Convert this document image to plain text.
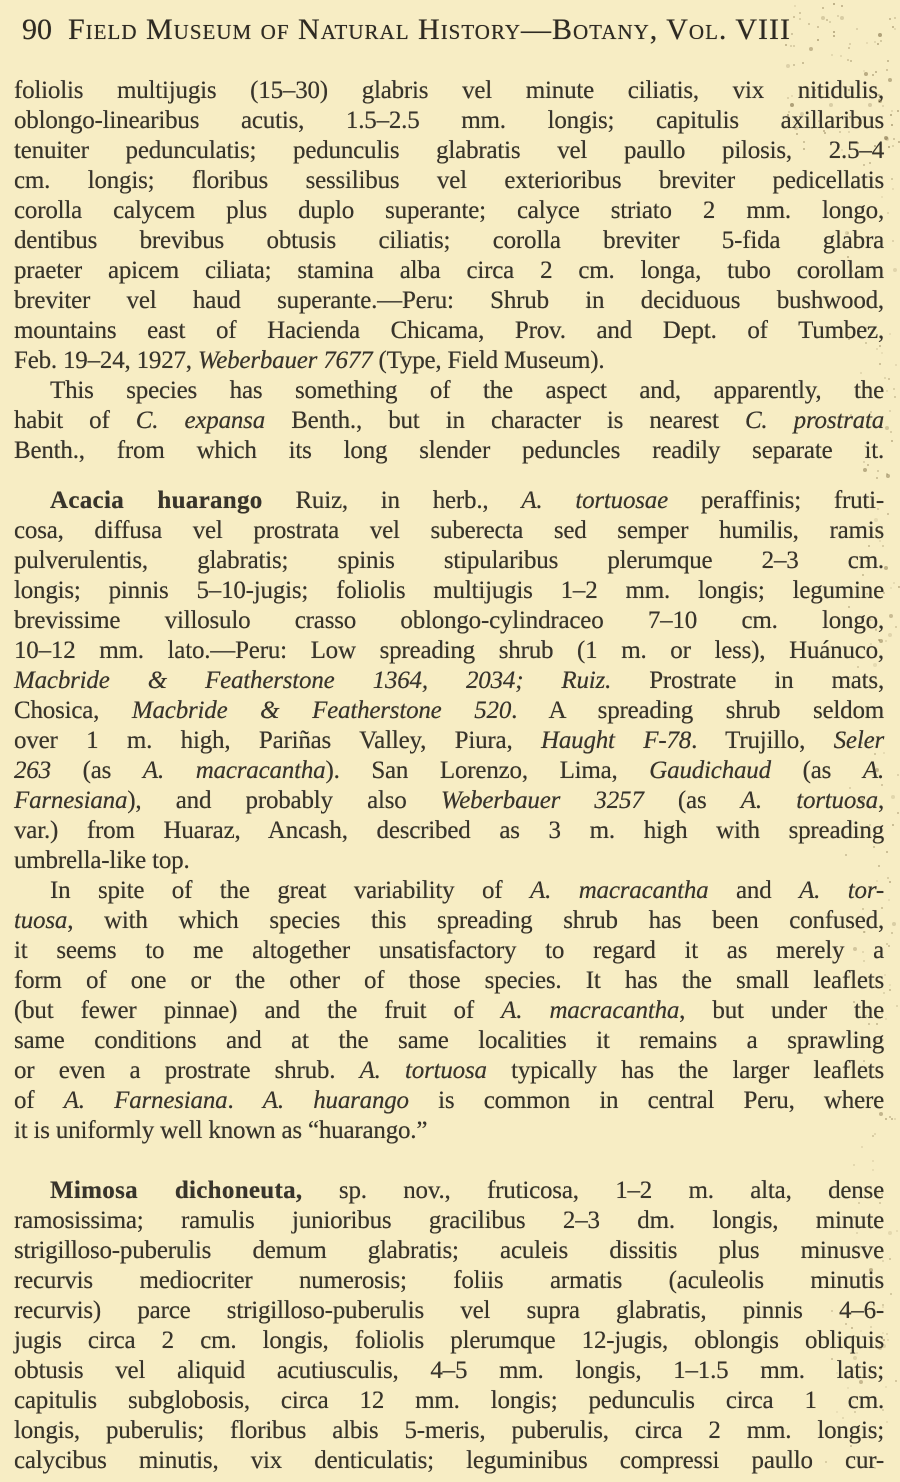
90 Field Museum of Natural History—Botany, Vol. VIII
foliolis multijugis (15–30) glabris vel minute ciliatis, vix nitidulis,
oblongo-linearibus acutis, 1.5–2.5 mm. longis; capitulis axillaribus
tenuiter pedunculatis; pedunculis glabratis vel paullo pilosis, 2.5–4
cm. longis; floribus sessilibus vel exterioribus breviter pedicellatis
corolla calycem plus duplo superante; calyce striato 2 mm. longo,
dentibus brevibus obtusis ciliatis; corolla breviter 5-fida glabra
praeter apicem ciliata; stamina alba circa 2 cm. longa, tubo corollam
breviter vel haud superante.—Peru: Shrub in deciduous bushwood,
mountains east of Hacienda Chicama, Prov. and Dept. of Tumbez,
Feb. 19–24, 1927, Weberbauer 7677 (Type, Field Museum).
This species has something of the aspect and, apparently, the
habit of C. expansa Benth., but in character is nearest C. prostrata
Benth., from which its long slender peduncles readily separate it.
Acacia huarango Ruiz, in herb., A. tortuosae peraffinis; fruti-
cosa, diffusa vel prostrata vel suberecta sed semper humilis, ramis
pulverulentis, glabratis; spinis stipularibus plerumque 2–3 cm.
longis; pinnis 5–10-jugis; foliolis multijugis 1–2 mm. longis; legumine
brevissime villosulo crasso oblongo-cylindraceo 7–10 cm. longo,
10–12 mm. lato.—Peru: Low spreading shrub (1 m. or less), Huánuco,
Macbride & Featherstone 1364, 2034; Ruiz. Prostrate in mats,
Chosica, Macbride & Featherstone 520. A spreading shrub seldom
over 1 m. high, Pariñas Valley, Piura, Haught F-78. Trujillo, Seler
263 (as A. macracantha). San Lorenzo, Lima, Gaudichaud (as A.
Farnesiana), and probably also Weberbauer 3257 (as A. tortuosa,
var.) from Huaraz, Ancash, described as 3 m. high with spreading
umbrella-like top.
In spite of the great variability of A. macracantha and A. tor-
tuosa, with which species this spreading shrub has been confused,
it seems to me altogether unsatisfactory to regard it as merely a
form of one or the other of those species. It has the small leaflets
(but fewer pinnae) and the fruit of A. macracantha, but under the
same conditions and at the same localities it remains a sprawling
or even a prostrate shrub. A. tortuosa typically has the larger leaflets
of A. Farnesiana. A. huarango is common in central Peru, where
it is uniformly well known as “huarango.”
Mimosa dichoneuta, sp. nov., fruticosa, 1–2 m. alta, dense
ramosissima; ramulis junioribus gracilibus 2–3 dm. longis, minute
strigilloso-puberulis demum glabratis; aculeis dissitis plus minusve
recurvis mediocriter numerosis; foliis armatis (aculeolis minutis
recurvis) parce strigilloso-puberulis vel supra glabratis, pinnis 4–6-
jugis circa 2 cm. longis, foliolis plerumque 12-jugis, oblongis obliquis
obtusis vel aliquid acutiusculis, 4–5 mm. longis, 1–1.5 mm. latis;
capitulis subglobosis, circa 12 mm. longis; pedunculis circa 1 cm.
longis, puberulis; floribus albis 5-meris, puberulis, circa 2 mm. longis;
calycibus minutis, vix denticulatis; leguminibus compressi paullo cur-
